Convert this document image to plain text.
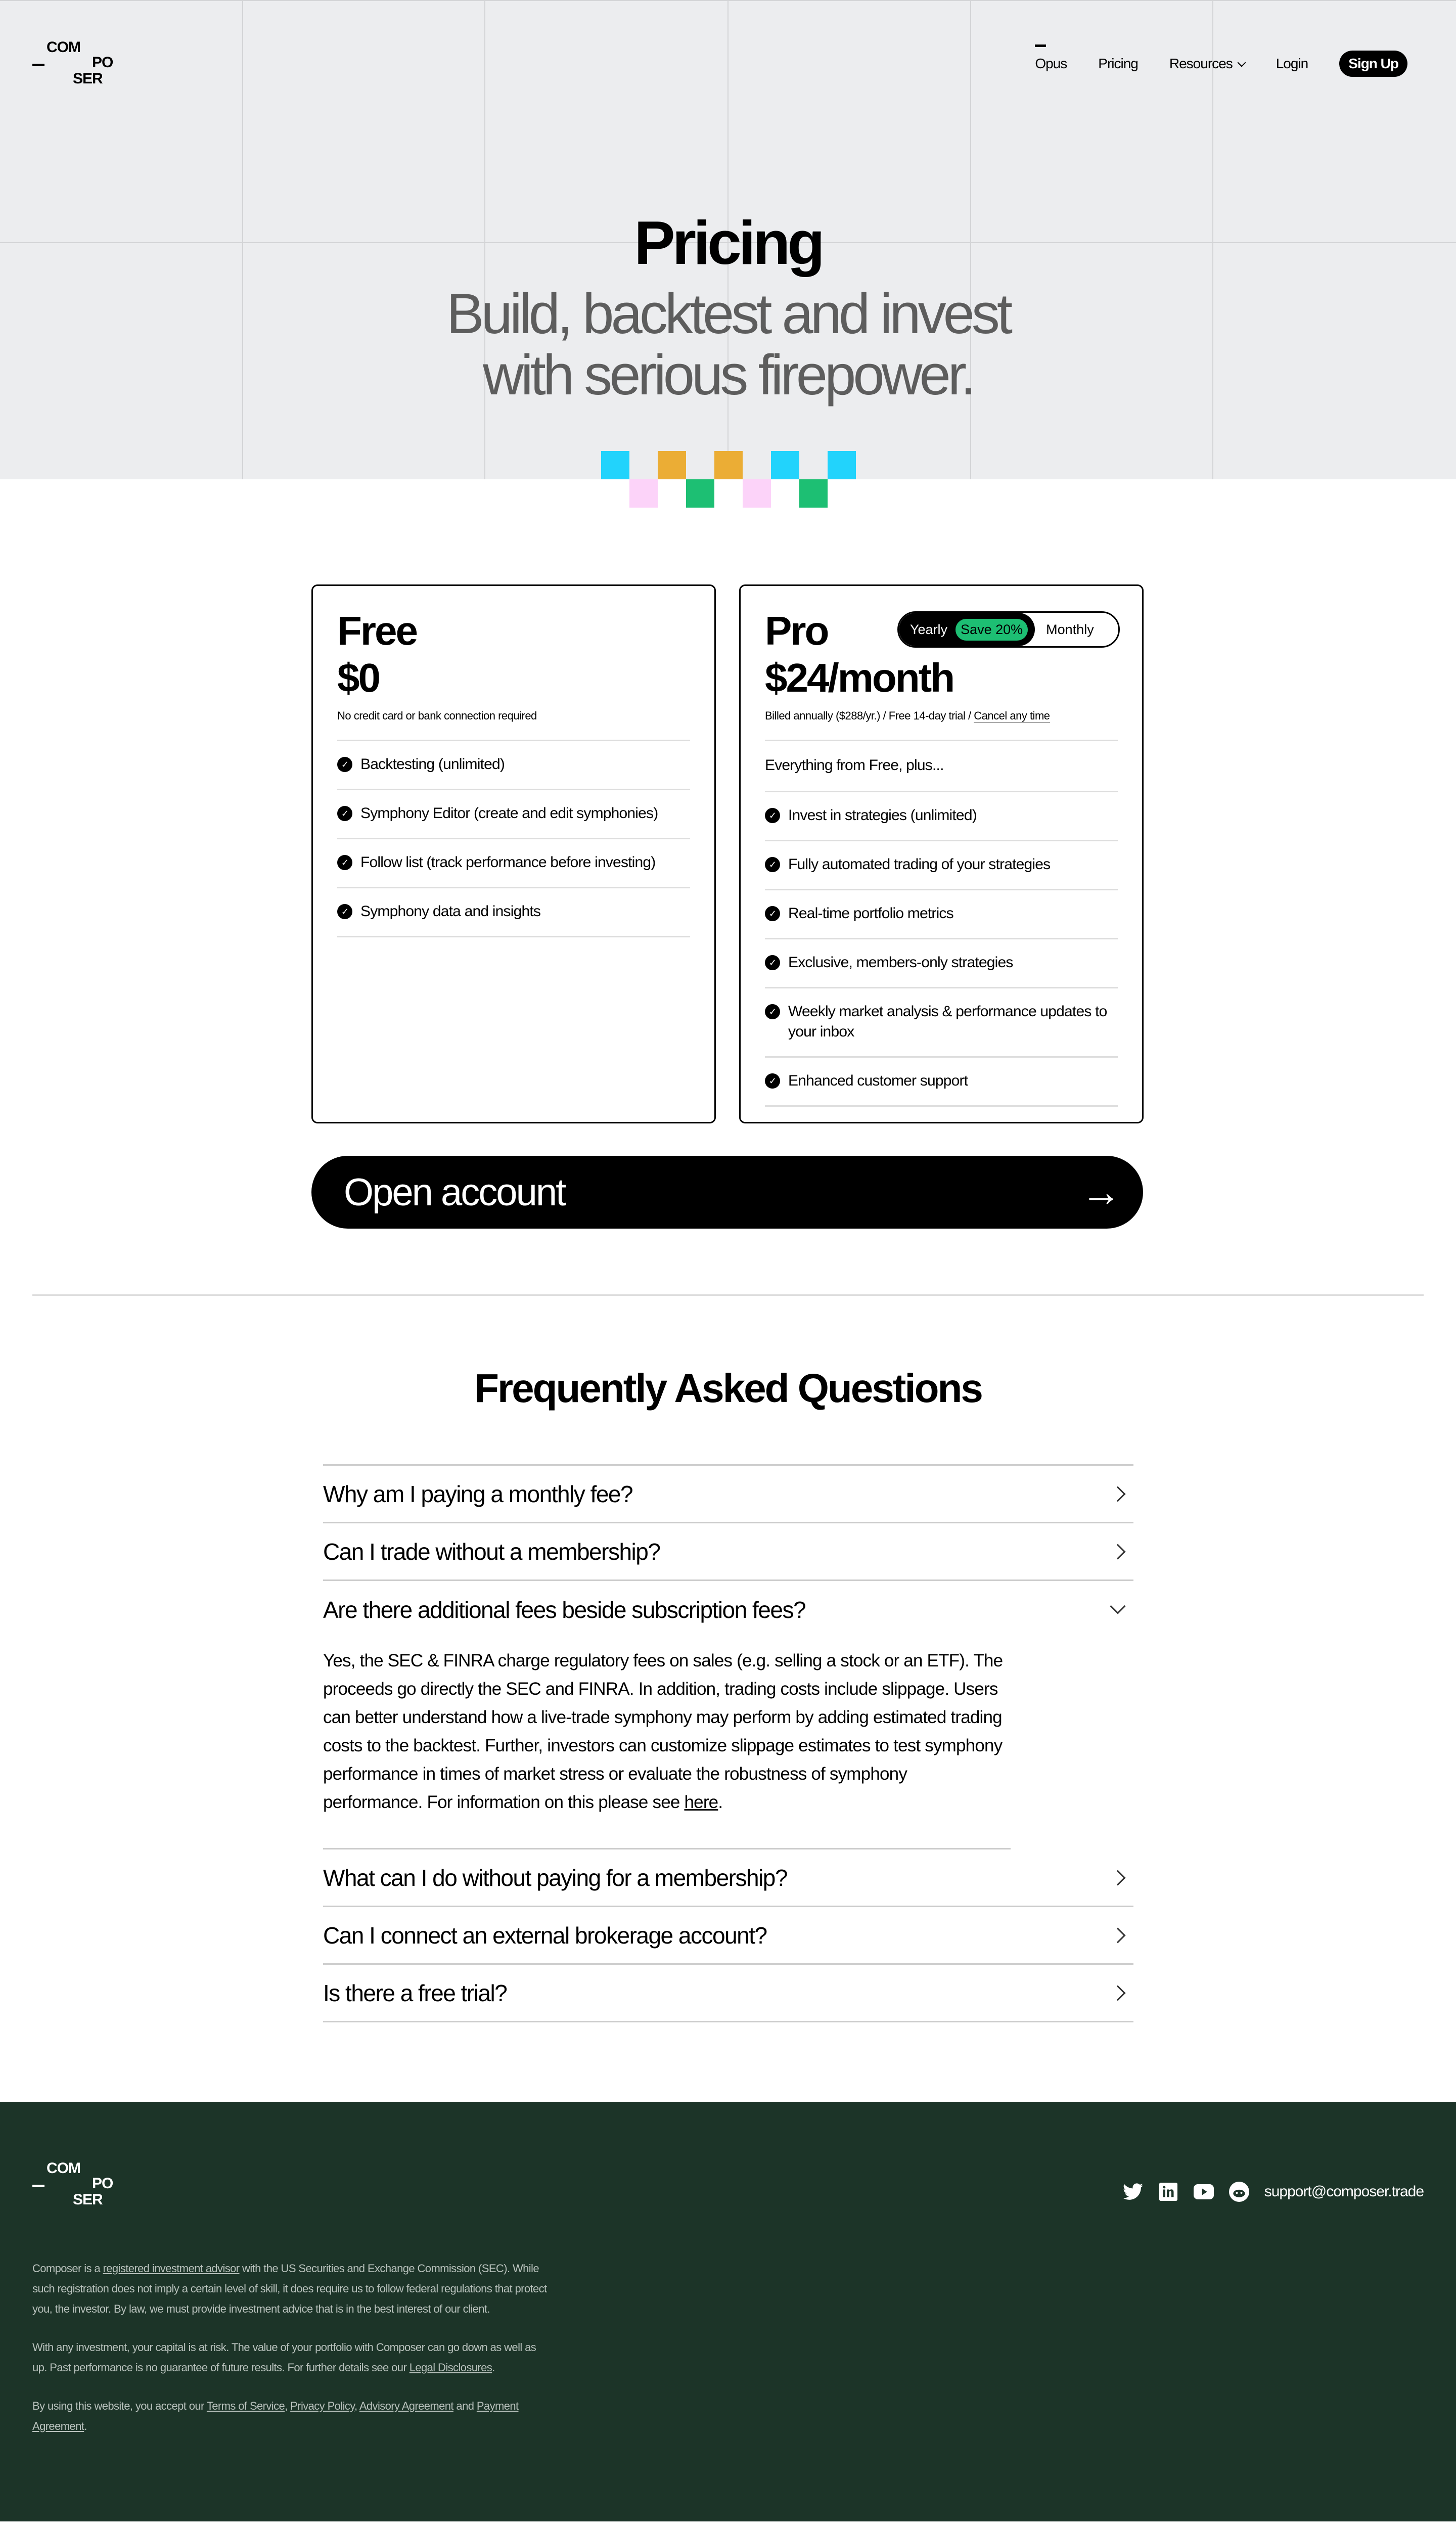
COM
PO
SER
Opus Pricing Resources	Login	Sign Up
Pricing
Build, backtest and invest
with serious firepower.
Free
$0
No credit card or bank connection required
✓ Backtesting (unlimited)
✓ Symphony Editor (create and edit symphonies)
✓ Follow list (track performance before investing)
✓ Symphony data and insights
Pro	Yearly Save 20%	Monthly
$24/month
Billed annually ($288/yr.) / Free 14-day trial / Cancel any time
Everything from Free, plus...
✓ Invest in strategies (unlimited)
✓ Fully automated trading of your strategies
✓ Real-time portfolio metrics
✓ Exclusive, members-only strategies
✓ Weekly market analysis & performance updates to your inbox
✓ Enhanced customer support
Open account	→
Frequently Asked Questions
Why am I paying a monthly fee?
Can I trade without a membership?
Are there additional fees beside subscription fees?
Yes, the SEC & FINRA charge regulatory fees on sales (e.g. selling a stock or an ETF). The proceeds go directly the SEC and FINRA. In addition, trading costs include slippage. Users can better understand how a live-trade symphony may perform by adding estimated trading costs to the backtest. Further, investors can customize slippage estimates to test symphony performance in times of market stress or evaluate the robustness of symphony performance. For information on this please see here.
What can I do without paying for a membership?
Can I connect an external brokerage account?
Is there a free trial?
COM
PO
SER	support@composer.trade

Composer is a registered investment advisor with the US Securities and Exchange Commission (SEC). While such registration does not imply a certain level of skill, it does require us to follow federal regulations that protect you, the investor. By law, we must provide investment advice that is in the best interest of our client.

With any investment, your capital is at risk. The value of your portfolio with Composer can go down as well as up. Past performance is no guarantee of future results. For further details see our Legal Disclosures.

By using this website, you accept our Terms of Service, Privacy Policy, Advisory Agreement and Payment Agreement.
